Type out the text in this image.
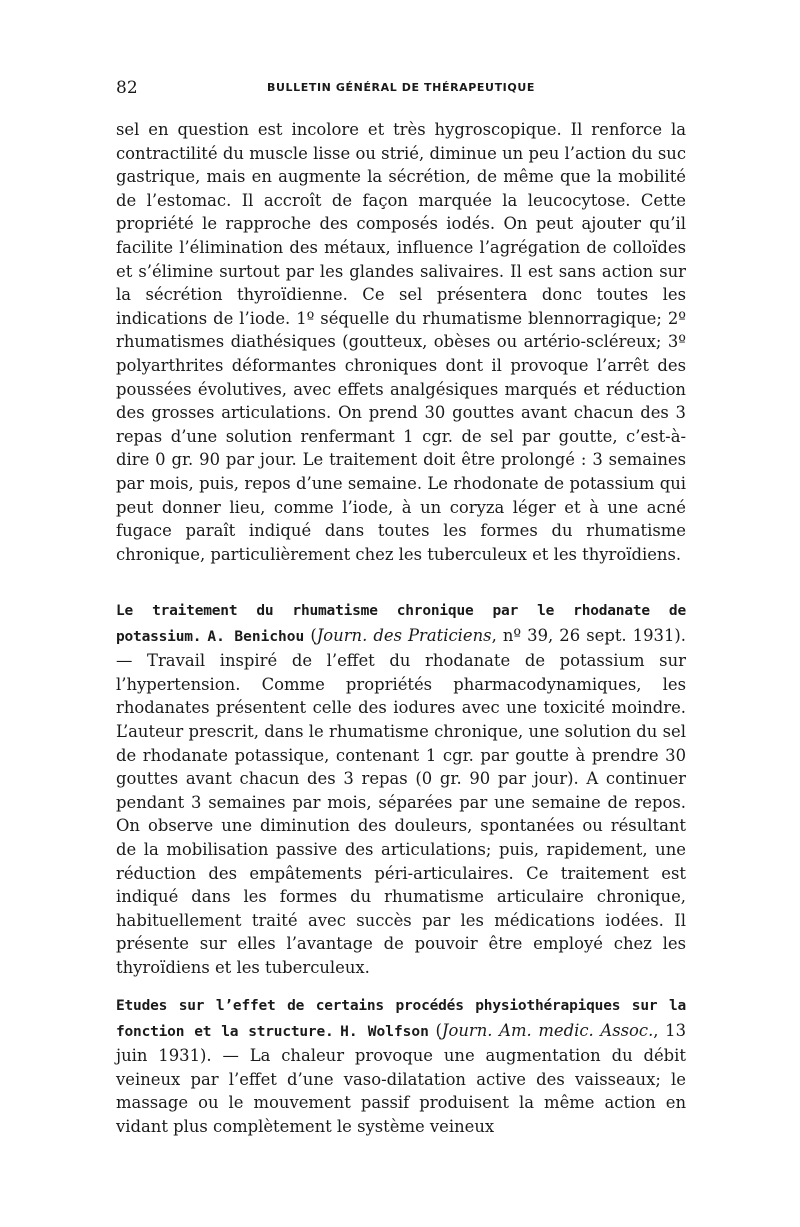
82	BULLETIN GÉNÉRAL DE THÉRAPEUTIQUE

sel en question est incolore et très hygroscopique. Il renforce la contractilité du muscle lisse ou strié, diminue un peu l’action du suc gastrique, mais en augmente la sécrétion, de même que la mobilité de l’estomac. Il accroît de façon marquée la leucocytose. Cette propriété le rapproche des composés iodés. On peut ajouter qu’il facilite l’élimination des métaux, influence l’agrégation de colloïdes et s’élimine surtout par les glandes salivaires. Il est sans action sur la sécrétion thyroïdienne. Ce sel présentera donc toutes les indications de l’iode. 1º séquelle du rhumatisme blennorragique; 2º rhumatismes diathésiques (goutteux, obèses ou artério-scléreux; 3º polyarthrites déformantes chroniques dont il provoque l’arrêt des poussées évolutives, avec effets analgésiques marqués et réduction des grosses articulations. On prend 30 gouttes avant chacun des 3 repas d’une solution renfermant 1 cgr. de sel par goutte, c’est-à-dire 0 gr. 90 par jour. Le traitement doit être prolongé : 3 semaines par mois, puis, repos d’une semaine. Le rhodonate de potassium qui peut donner lieu, comme l’iode, à un coryza léger et à une acné fugace paraît indiqué dans toutes les formes du rhumatisme chronique, particulièrement chez les tuberculeux et les thyroïdiens.

Le traitement du rhumatisme chronique par le rhodanate de potassium. A. Benichou (Journ. des Praticiens, nº 39, 26 sept. 1931). — Travail inspiré de l’effet du rhodanate de potassium sur l’hypertension. Comme propriétés pharmacodynamiques, les rhodanates présentent celle des iodures avec une toxicité moindre. L’auteur prescrit, dans le rhumatisme chronique, une solution du sel de rhodanate potassique, contenant 1 cgr. par goutte à prendre 30 gouttes avant chacun des 3 repas (0 gr. 90 par jour). A continuer pendant 3 semaines par mois, séparées par une semaine de repos. On observe une diminution des douleurs, spontanées ou résultant de la mobilisation passive des articulations; puis, rapidement, une réduction des empâtements péri-articulaires. Ce traitement est indiqué dans les formes du rhumatisme articulaire chronique, habituellement traité avec succès par les médications iodées. Il présente sur elles l’avantage de pouvoir être employé chez les thyroïdiens et les tuberculeux.

Etudes sur l’effet de certains procédés physiothérapiques sur la fonction et la structure. H. Wolfson (Journ. Am. medic. Assoc., 13 juin 1931). — La chaleur provoque une augmentation du débit veineux par l’effet d’une vaso-dilatation active des vaisseaux; le massage ou le mouvement passif produisent la même action en vidant plus complètement le système veineux
